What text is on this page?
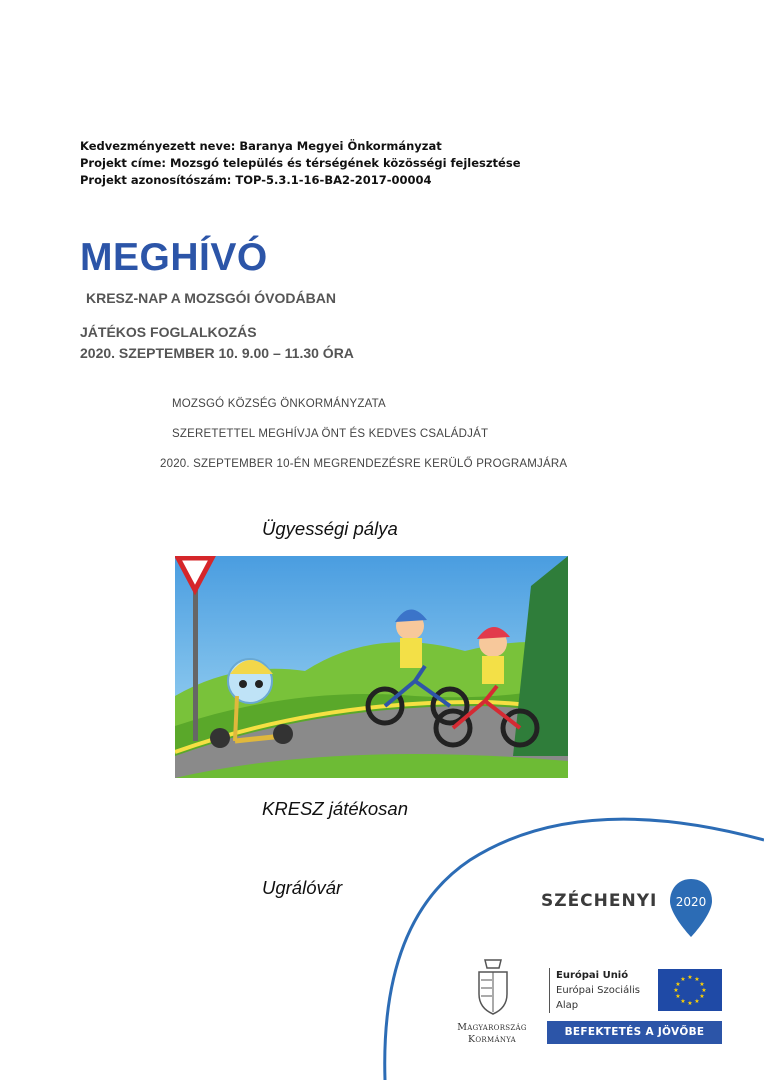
Kedvezményezett neve: Baranya Megyei Önkormányzat
Projekt címe: Mozsgó település és térségének közösségi fejlesztése
Projekt azonosítószám: TOP-5.3.1-16-BA2-2017-00004
MEGHÍVÓ
KRESZ-NAP A MOZSGÓI ÓVODÁBAN
JÁTÉKOS FOGLALKOZÁS
2020. SZEPTEMBER 10. 9.00 – 11.30 ÓRA
MOZSGÓ KÖZSÉG ÖNKORMÁNYZATA
SZERETETTEL MEGHÍVJA ÖNT ÉS KEDVES CSALÁDJÁT
2020. SZEPTEMBER 10-ÉN MEGRENDEZÉSRE KERÜLŐ PROGRAMJÁRA
Ügyességi pálya
KRESZ játékosan
Ugrálóvár
SZÉCHENYI 2020
Magyarország
Kormánya
Európai Unió
Európai Szociális
Alap
★ ★
★
★
★
★
★
★
★
★
★
★
BEFEKTETÉS A JÖVŐBE
